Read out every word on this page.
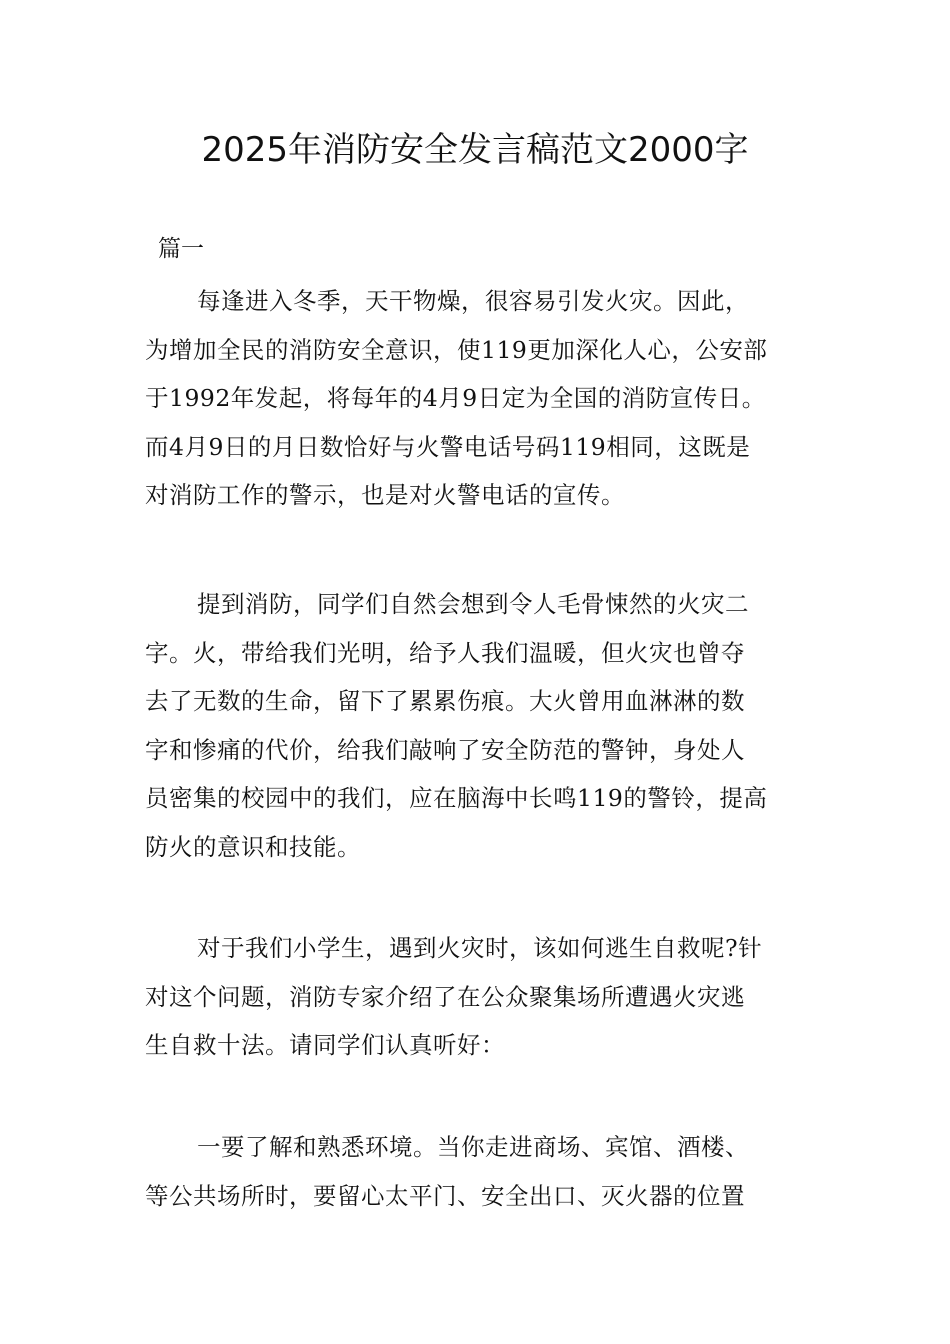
2025年消防安全发言稿范文2000字
篇一
每逢进入冬季，天干物燥，很容易引发火灾。因此，
为增加全民的消防安全意识，使119更加深化人心，公安部
于1992年发起，将每年的4月9日定为全国的消防宣传日。
而4月9日的月日数恰好与火警电话号码119相同，这既是
对消防工作的警示，也是对火警电话的宣传。
提到消防，同学们自然会想到令人毛骨悚然的火灾二
字。火，带给我们光明，给予人我们温暖，但火灾也曾夺
去了无数的生命，留下了累累伤痕。大火曾用血淋淋的数
字和惨痛的代价，给我们敲响了安全防范的警钟，身处人
员密集的校园中的我们，应在脑海中长鸣119的警铃，提高
防火的意识和技能。
对于我们小学生，遇到火灾时，该如何逃生自救呢?针
对这个问题，消防专家介绍了在公众聚集场所遭遇火灾逃
生自救十法。请同学们认真听好：
一要了解和熟悉环境。当你走进商场、宾馆、酒楼、
等公共场所时，要留心太平门、安全出口、灭火器的位置
